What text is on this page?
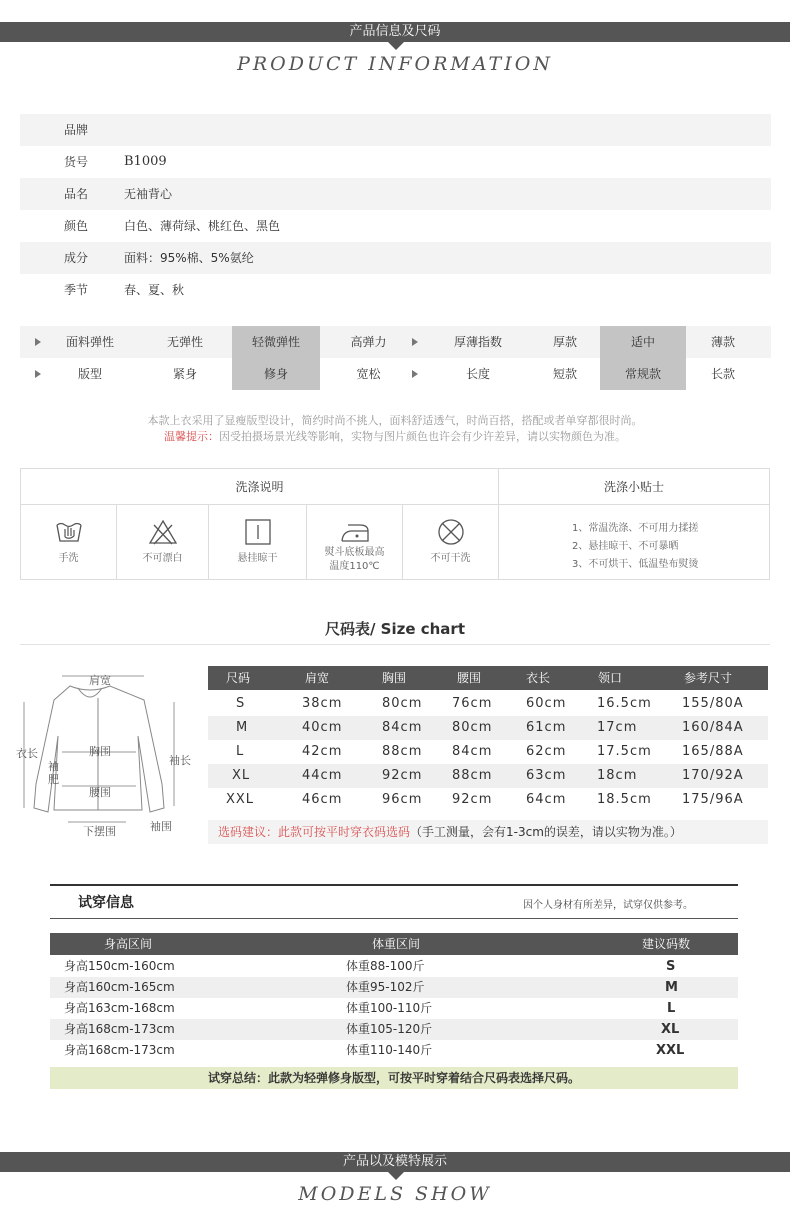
产品信息及尺码
PRODUCT INFORMATION
品牌
货号	B1009
品名	无袖背心
颜色	白色、薄荷绿、桃红色、黑色
成分	面料：95%棉、5%氨纶
季节	春、夏、秋
面料弹性	无弹性	轻微弹性	高弹力	厚薄指数	厚款	适中	薄款
版型	紧身	修身	宽松	长度	短款	常规款	长款
本款上衣采用了显瘦版型设计，简约时尚不挑人，面料舒适透气，时尚百搭，搭配或者单穿都很时尚。
温馨提示：因受拍摄场景光线等影响，实物与图片颜色也许会有少许差异，请以实物颜色为准。
洗涤说明	洗涤小贴士
手洗	不可漂白	悬挂晾干
熨斗底板最高
温度110℃
不可干洗
1、常温洗涤、不可用力揉搓
2、悬挂晾干、不可暴晒
3、不可烘干、低温垫布熨烫
尺码表/ Size chart
肩宽
衣长	胸围
袖长
袖
肥
腰围
下摆围	袖围
尺码	肩宽	胸围	腰围	衣长	领口	参考尺寸
S	38cm	80cm 76cm	60cm 16.5cm 155/80A
M	40cm	84cm 80cm	61cm 17cm	160/84A
L	42cm	88cm 84cm	62cm 17.5cm 165/88A
XL	44cm	92cm 88cm	63cm 18cm	170/92A
XXL	46cm	96cm 92cm	64cm 18.5cm 175/96A
选码建议：此款可按平时穿衣码选码（手工测量，会有1-3cm的误差，请以实物为准。）
试穿信息	因个人身材有所差异，试穿仅供参考。
身高区间	体重区间	建议码数
身高150cm-160cm	体重88-100斤	S
身高160cm-165cm	体重95-102斤	M
身高163cm-168cm	体重100-110斤	L
身高168cm-173cm	体重105-120斤	XL
身高168cm-173cm	体重110-140斤	XXL
试穿总结：此款为轻弹修身版型，可按平时穿着结合尺码表选择尺码。
产品以及模特展示
MODELS SHOW
